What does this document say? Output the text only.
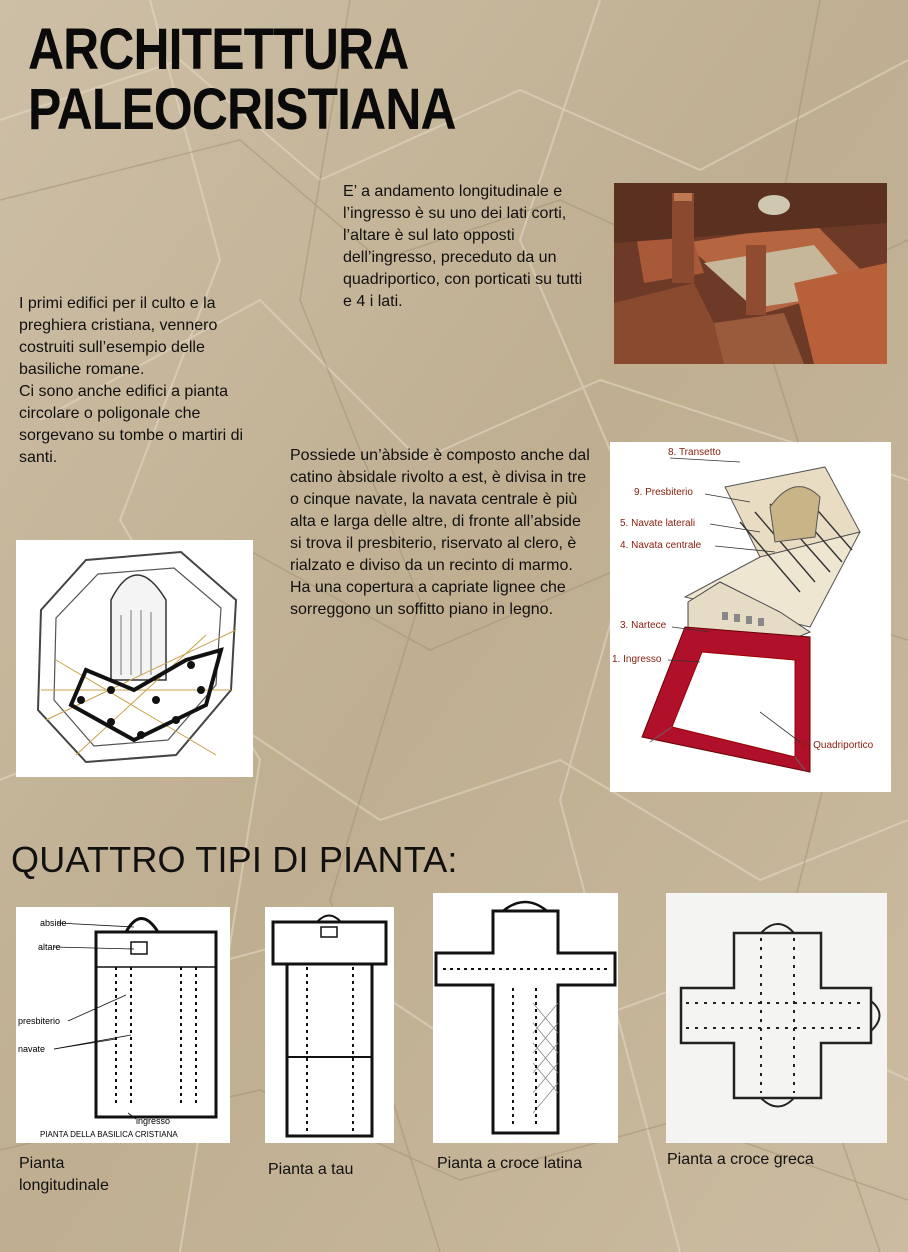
ARCHITETTURA
PALEOCRISTIANA

I primi edifici per il culto e la preghiera cristiana, vennero costruiti sull’esempio delle basiliche romane.

Ci sono anche edifici a pianta circolare o poligonale che sorgevano su tombe o martiri di santi.

E’ a andamento longitudinale e l’ingresso è su uno dei lati corti, l’altare è sul lato opposti dell’ingresso, preceduto da un quadriportico, con porticati su tutti e 4 i lati.

Possiede un’àbside è composto anche dal catino àbsidale rivolto a est, è divisa in tre o cinque navate, la navata centrale è più alta e larga delle altre, di fronte all’abside si trova il presbiterio, riservato al clero, è rialzato e diviso da un recinto di marmo.

Ha una copertura a capriate lignee che sorreggono un soffitto piano in legno.

8. Transetto
9. Presbiterio
5. Navate laterali
4. Navata centrale
3. Nartece
1. Ingresso
2. Quadriportico
QUATTRO TIPI DI PIANTA:
abside
altare
presbiterio
navate
ingresso
PIANTA DELLA BASILICA CRISTIANA

Pianta longitudinale

Pianta a tau	Pianta a croce latina	Pianta a croce greca
